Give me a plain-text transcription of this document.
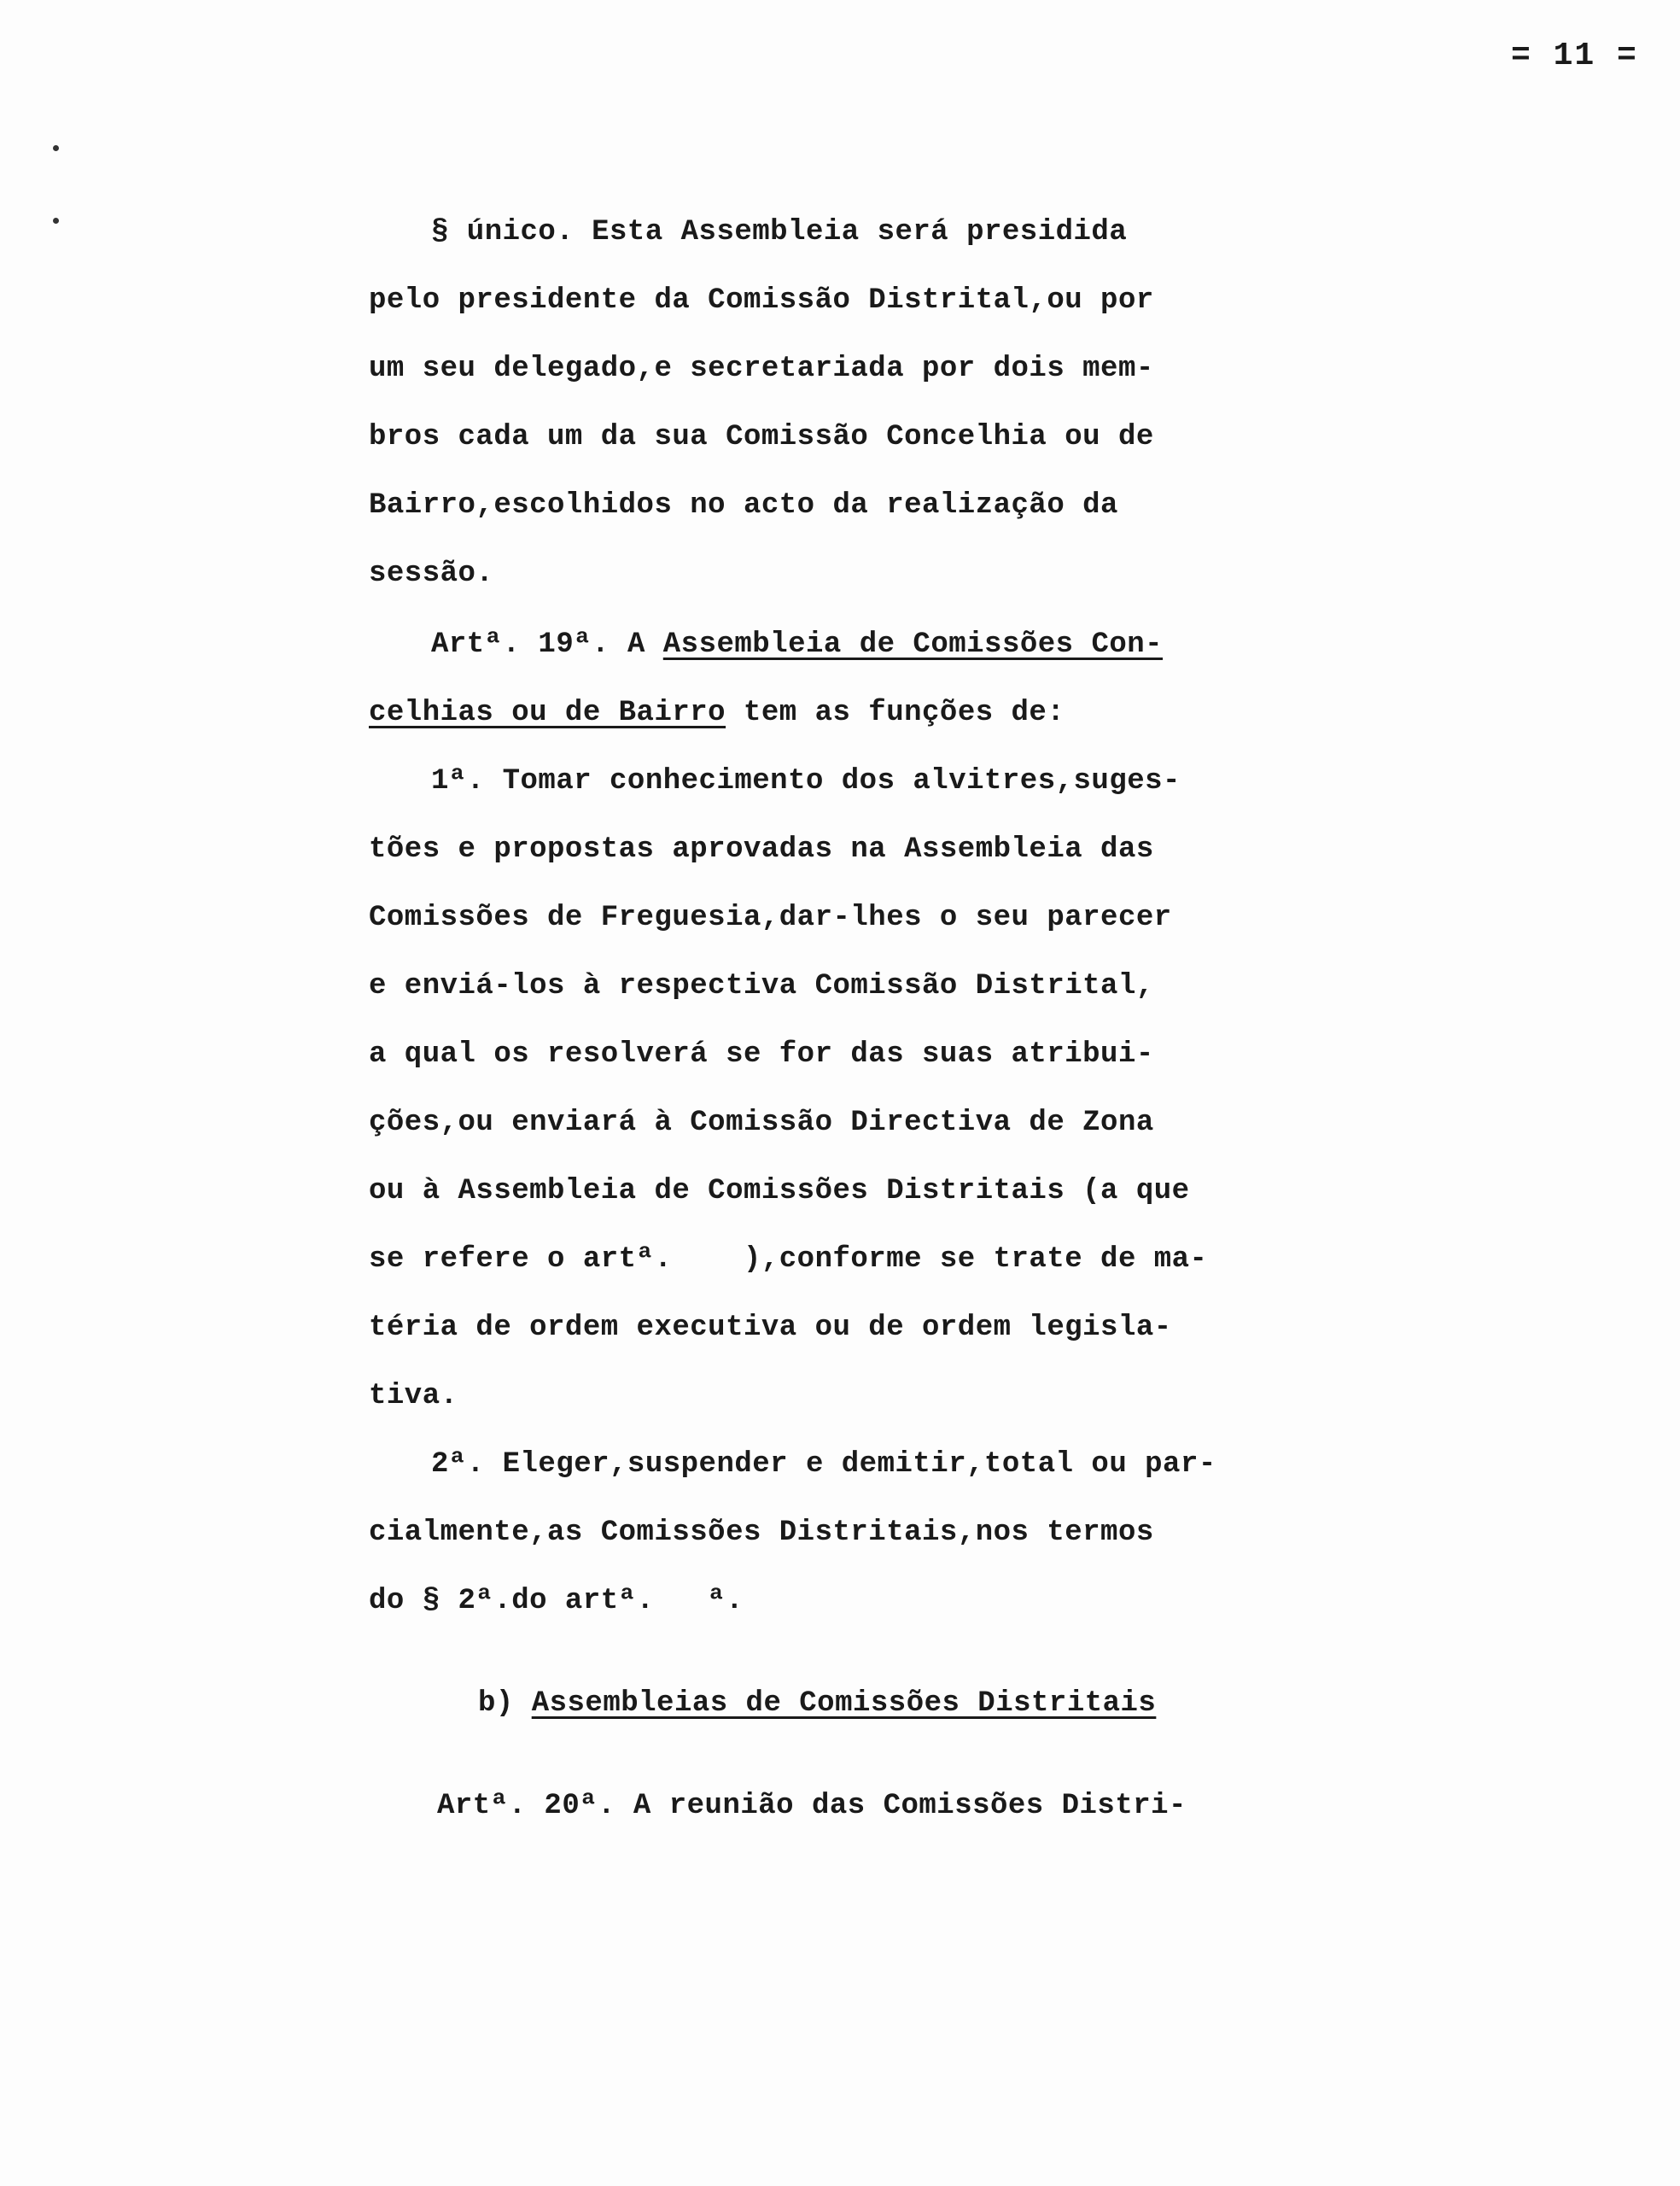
= 11 =
§ único. Esta Assembleia será presidida
pelo presidente da Comissão Distrital,ou por
um seu delegado,e secretariada por dois mem-
bros cada um da sua Comissão Concelhia ou de
Bairro,escolhidos no acto da realização da
sessão.
Artª. 19ª. A Assembleia de Comissões Con-
celhias ou de Bairro tem as funções de:
1ª. Tomar conhecimento dos alvitres,suges-
tões e propostas aprovadas na Assembleia das
Comissões de Freguesia,dar-lhes o seu parecer
e enviá-los à respectiva Comissão Distrital,
a qual os resolverá se for das suas atribui-
ções,ou enviará à Comissão Directiva de Zona
ou à Assembleia de Comissões Distritais (a que
se refere o artª.    ),conforme se trate de ma-
téria de ordem executiva ou de ordem legisla-
tiva.
2ª. Eleger,suspender e demitir,total ou par-
cialmente,as Comissões Distritais,nos termos
do § 2ª.do artª.   ª.
b) Assembleias de Comissões Distritais
Artª. 20ª. A reunião das Comissões Distri-
